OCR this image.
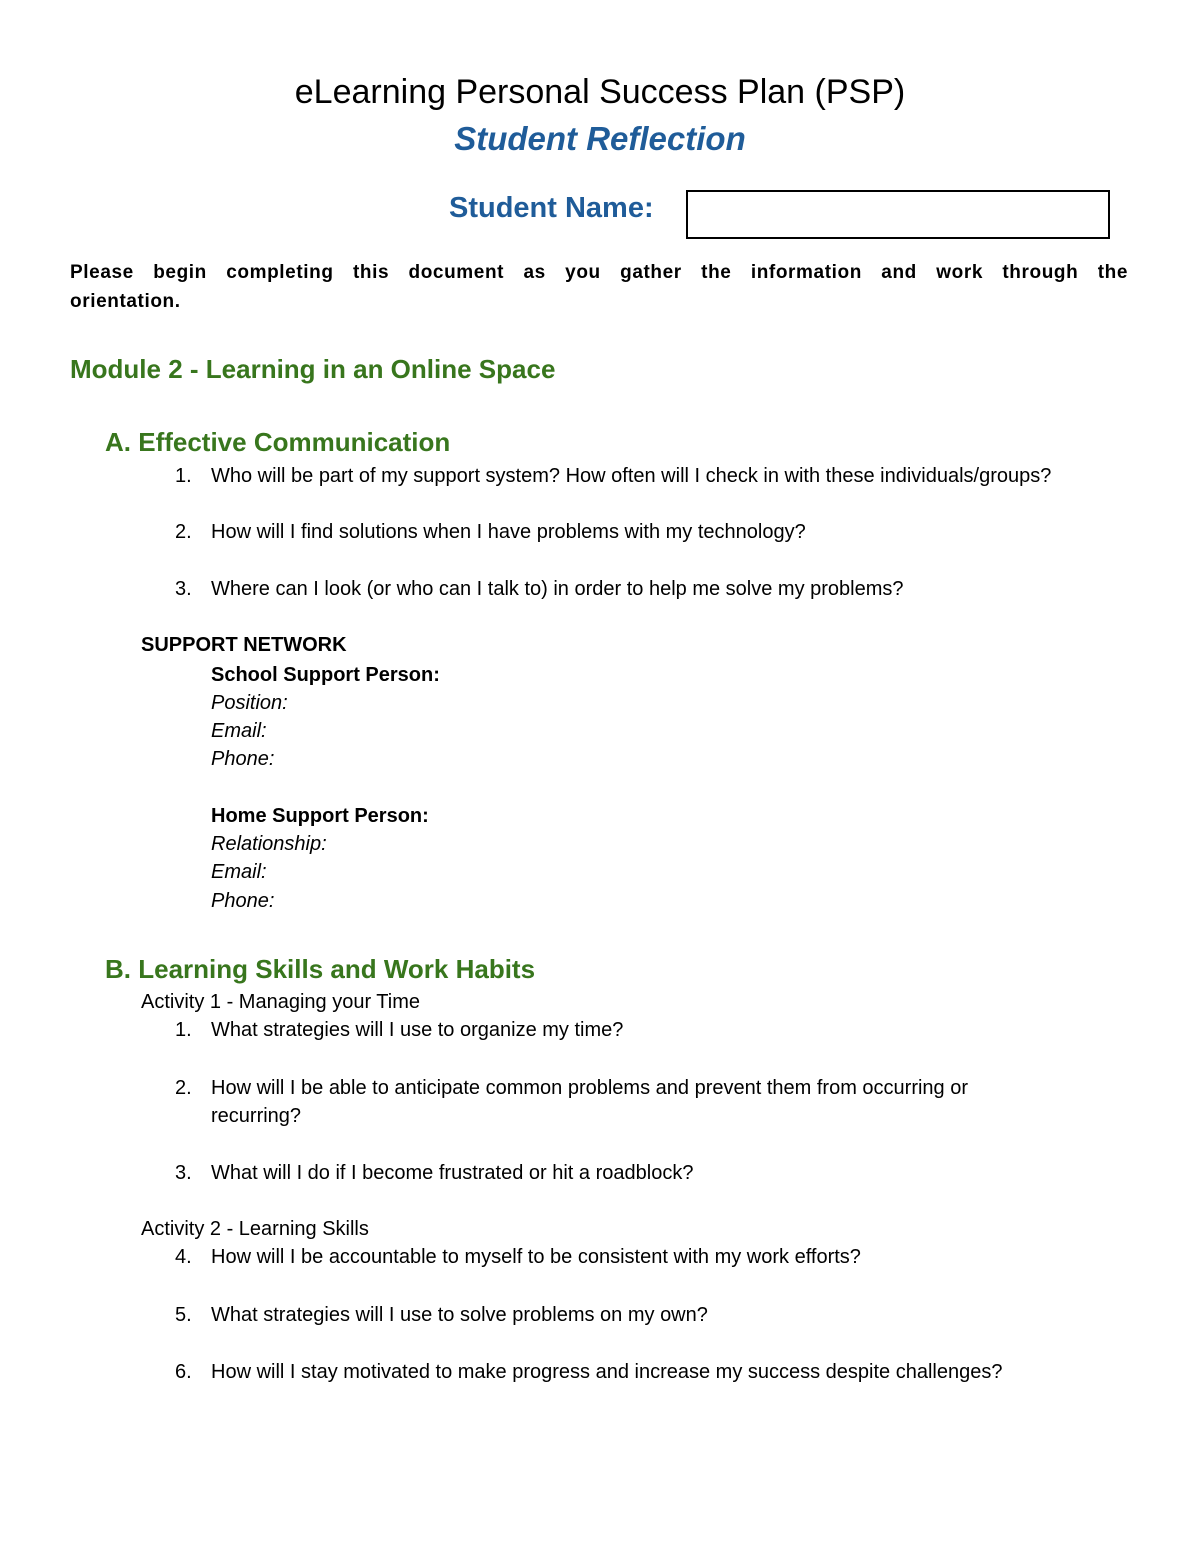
eLearning Personal Success Plan (PSP)
Student Reflection
Student Name:

Please begin completing this document as you gather the information and work through the orientation.

Module 2 - Learning in an Online Space
A. Effective Communication
1. Who will be part of my support system? How often will I check in with these individuals/groups?
2. How will I find solutions when I have problems with my technology?
3. Where can I look (or who can I talk to) in order to help me solve my problems?
SUPPORT NETWORK
School Support Person:
Position:
Email:
Phone:
Home Support Person:
Relationship:
Email:
Phone:
B. Learning Skills and Work Habits
Activity 1 - Managing your Time
1. What strategies will I use to organize my time?
2. How will I be able to anticipate common problems and prevent them from occurring or recurring?
3. What will I do if I become frustrated or hit a roadblock?
Activity 2 - Learning Skills
4. How will I be accountable to myself to be consistent with my work efforts?
5. What strategies will I use to solve problems on my own?
6. How will I stay motivated to make progress and increase my success despite challenges?
